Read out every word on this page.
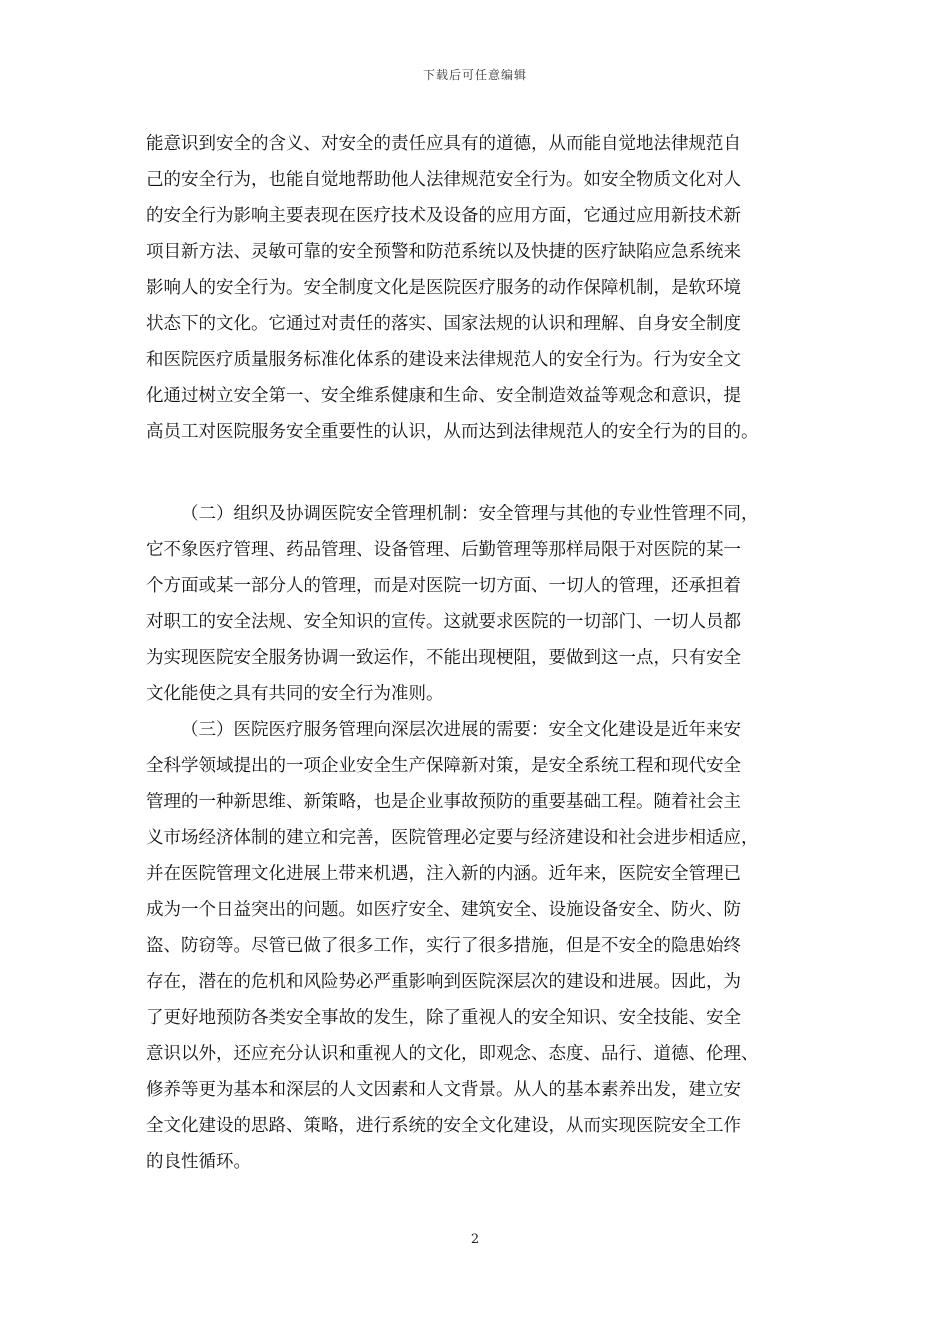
下载后可任意编辑
能意识到安全的含义、对安全的责任应具有的道德，从而能自觉地法律规范自
己的安全行为，也能自觉地帮助他人法律规范安全行为。如安全物质文化对人
的安全行为影响主要表现在医疗技术及设备的应用方面，它通过应用新技术新
项目新方法、灵敏可靠的安全预警和防范系统以及快捷的医疗缺陷应急系统来
影响人的安全行为。安全制度文化是医院医疗服务的动作保障机制，是软环境
状态下的文化。它通过对责任的落实、国家法规的认识和理解、自身安全制度
和医院医疗质量服务标准化体系的建设来法律规范人的安全行为。行为安全文
化通过树立安全第一、安全维系健康和生命、安全制造效益等观念和意识，提
高员工对医院服务安全重要性的认识，从而达到法律规范人的安全行为的目的。
（二）组织及协调医院安全管理机制：安全管理与其他的专业性管理不同，
它不象医疗管理、药品管理、设备管理、后勤管理等那样局限于对医院的某一
个方面或某一部分人的管理，而是对医院一切方面、一切人的管理，还承担着
对职工的安全法规、安全知识的宣传。这就要求医院的一切部门、一切人员都
为实现医院安全服务协调一致运作，不能出现梗阻，要做到这一点，只有安全
文化能使之具有共同的安全行为准则。
（三）医院医疗服务管理向深层次进展的需要：安全文化建设是近年来安
全科学领域提出的一项企业安全生产保障新对策，是安全系统工程和现代安全
管理的一种新思维、新策略，也是企业事故预防的重要基础工程。随着社会主
义市场经济体制的建立和完善，医院管理必定要与经济建设和社会进步相适应，
并在医院管理文化进展上带来机遇，注入新的内涵。近年来，医院安全管理已
成为一个日益突出的问题。如医疗安全、建筑安全、设施设备安全、防火、防
盗、防窃等。尽管已做了很多工作，实行了很多措施，但是不安全的隐患始终
存在，潜在的危机和风险势必严重影响到医院深层次的建设和进展。因此，为
了更好地预防各类安全事故的发生，除了重视人的安全知识、安全技能、安全
意识以外，还应充分认识和重视人的文化，即观念、态度、品行、道德、伦理、
修养等更为基本和深层的人文因素和人文背景。从人的基本素养出发，建立安
全文化建设的思路、策略，进行系统的安全文化建设，从而实现医院安全工作
的良性循环。
2
